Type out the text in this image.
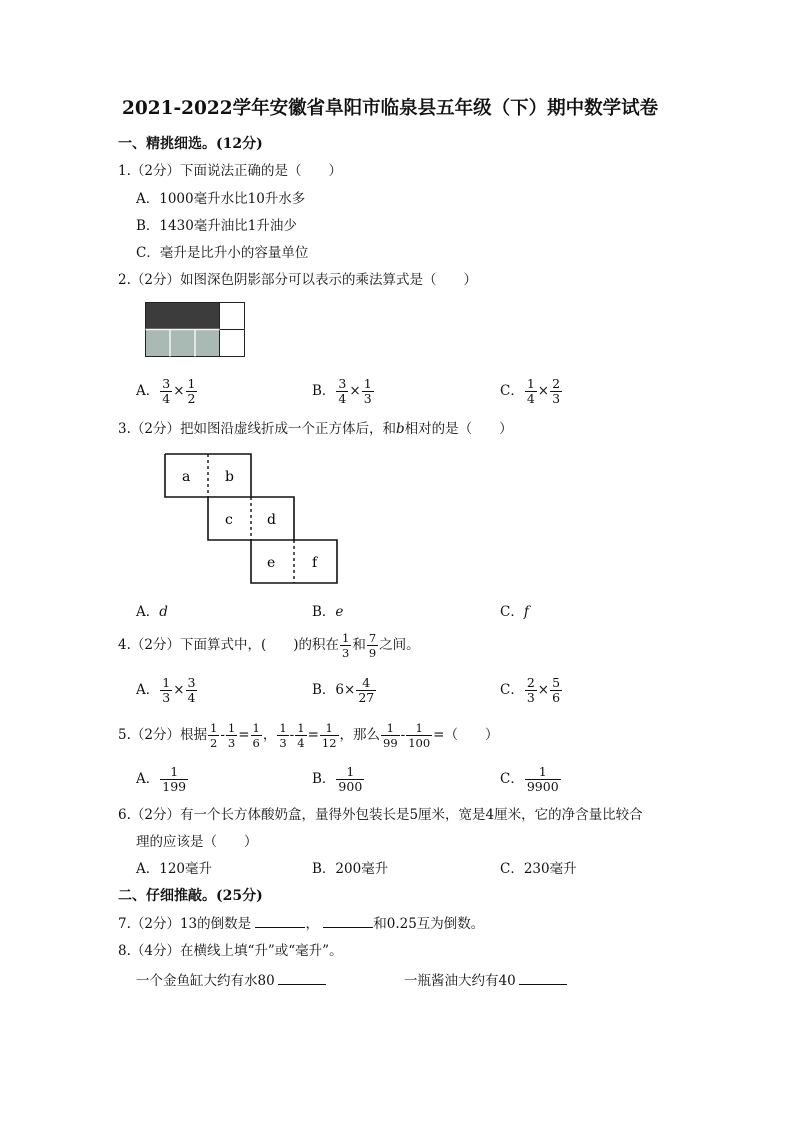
2021-2022学年安徽省阜阳市临泉县五年级（下）期中数学试卷
一、精挑细选。(12分)
1.（2分）下面说法正确的是（　　）
A．1000毫升水比10升水多
B．1430毫升油比1升油少
C．毫升是比升小的容量单位
2.（2分）如图深色阴影部分可以表示的乘法算式是（　　）
A． $\frac{3}{4} \times \frac{1}{2}$	B． $\frac{3}{4} \times \frac{1}{3}$	C． $\frac{1}{4} \times \frac{2}{3}$
3.（2分）把如图沿虚线折成一个正方体后，和b相对的是（　　）
a b
c d
e	f
A．d	B．e	C．f
4.（2分）下面算式中，(　　)的积在 $\frac{1}{3}$ 和 $\frac{7}{9}$ 之间。
A． $\frac{1}{3} \times \frac{3}{4}$	B．$6\times \frac{4}{27}$	C． $\frac{2}{3} \times \frac{5}{6}$
5.（2分）根据 $\frac{1}{2} - \frac{1}{3} = \frac{1}{6}$ ， $\frac{1}{3} - \frac{1}{4} = \frac{1}{12}$ ，那么 $\frac{1}{99} - \frac{1}{100}$ =（　　）
A． $\frac{1}{199}$	B． $\frac{1}{900}$	C． $\frac{1}{9900}$
6.（2分）有一个长方体酸奶盒，量得外包装长是5厘米，宽是4厘米，它的净含量比较合
理的应该是（　　）
A．120毫升	B．200毫升	C．230毫升
二、仔细推敲。(25分)
7.（2分）13的倒数是	，	和0.25互为倒数。
8.（4分）在横线上填“升”或“毫升”。
一个金鱼缸大约有水80	一瓶酱油大约有40
